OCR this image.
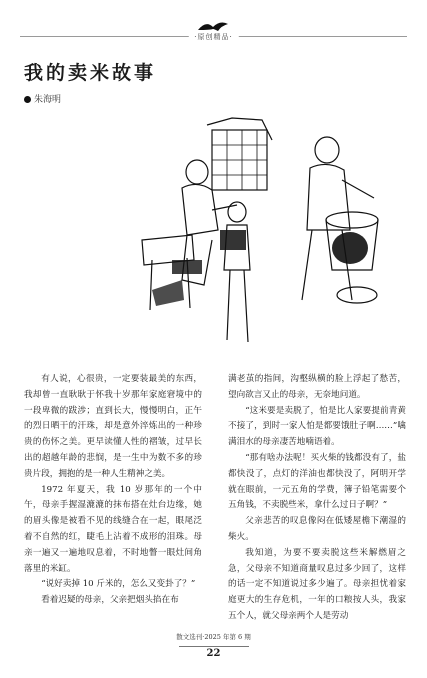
·原创精品·
我的卖米故事
朱海明

有人说，心很贵，一定要装最美的东西，我却曾一直耿耿于怀我十岁那年家庭窘境中的一段卑微的跋涉；直到长大，慢慢明白，正午的烈日晒干的汗珠，却是意外淬炼出的一种珍贵的伤怀之美。更早读懂人性的褶皱，过早长出的超越年龄的悲悯，是一生中为数不多的珍贵片段，拥抱的是一种人生精神之美。

1972 年夏天，我 10 岁那年的一个中午，母亲手握湿漉漉的抹布搭在灶台边缘，她的眉头像是被看不见的线缝合在一起，眼尾泛着不自然的红，睫毛上沾着不成形的泪珠。母亲一遍又一遍地叹息着，不时地瞥一眼灶间角落里的米缸。

“说好卖掉 10 斤米的，怎么又变卦了？”

看着迟疑的母亲，父亲把烟头掐在布

满老茧的指间，沟壑纵横的脸上浮起了愁苦，望向欲言又止的母亲，无奈地问道。

“这米要是卖脱了，怕是比人家要提前青黄不接了，到时一家人怕是都要饿肚子啊……”噙满泪水的母亲凄苦地喃语着。

“那有啥办法呢！买火柴的钱都没有了，盐都快没了，点灯的洋油也都快没了，阿明开学就在眼前，一元五角的学费，簿子铅笔需要个五角钱，不卖脱些米，拿什么过日子啊？”

父亲悲苦的叹息像闷在低矮屋檐下潮湿的柴火。

我知道，为要不要卖脱这些米解燃眉之急，父母亲不知道商量叹息过多少回了，这样的话一定不知道说过多少遍了。母亲担忧着家庭更大的生存危机，一年的口粮按人头，我家五个人，就父母亲两个人是劳动

散文选刊·2025 年第 6 期
22
